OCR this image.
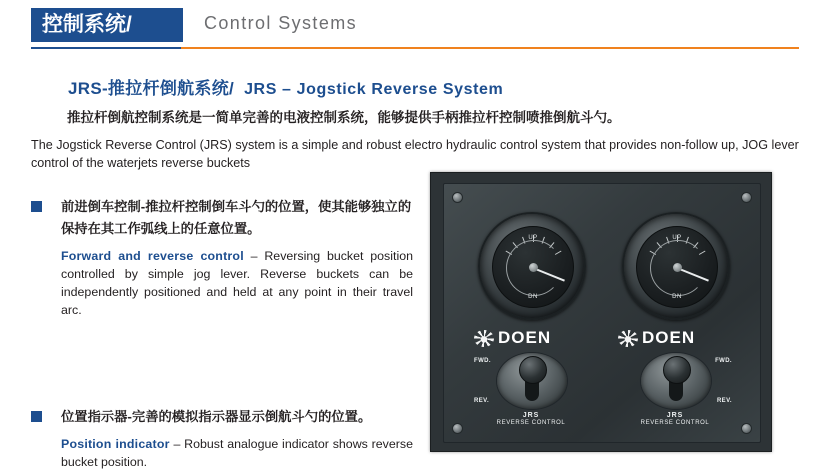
控制系统/	Control Systems
JRS-推拉杆倒航系统/ JRS – Jogstick Reverse System
推拉杆倒航控制系统是一简单完善的电液控制系统，能够提供手柄推拉杆控制喷推倒航斗勺。
The Jogstick Reverse Control (JRS) system is a simple and robust electro hydraulic control system that provides non-follow up, JOG lever control of the waterjets reverse buckets
前进倒车控制-推拉杆控制倒车斗勺的位置，使其能够独立的保持在其工作弧线上的任意位置。
Forward and reverse control – Reversing bucket position controlled by simple jog lever. Reverse buckets can be independently positioned and held at any point in their travel arc.
位置指示器-完善的模拟指示器显示倒航斗勺的位置。
Position indicator – Robust analogue indicator shows reverse bucket position.
UP
DN
UP
DN
DOEN	DOEN
FWD.
REV.
FWD.
REV.
JRS
REVERSE CONTROL
JRS
REVERSE CONTROL
